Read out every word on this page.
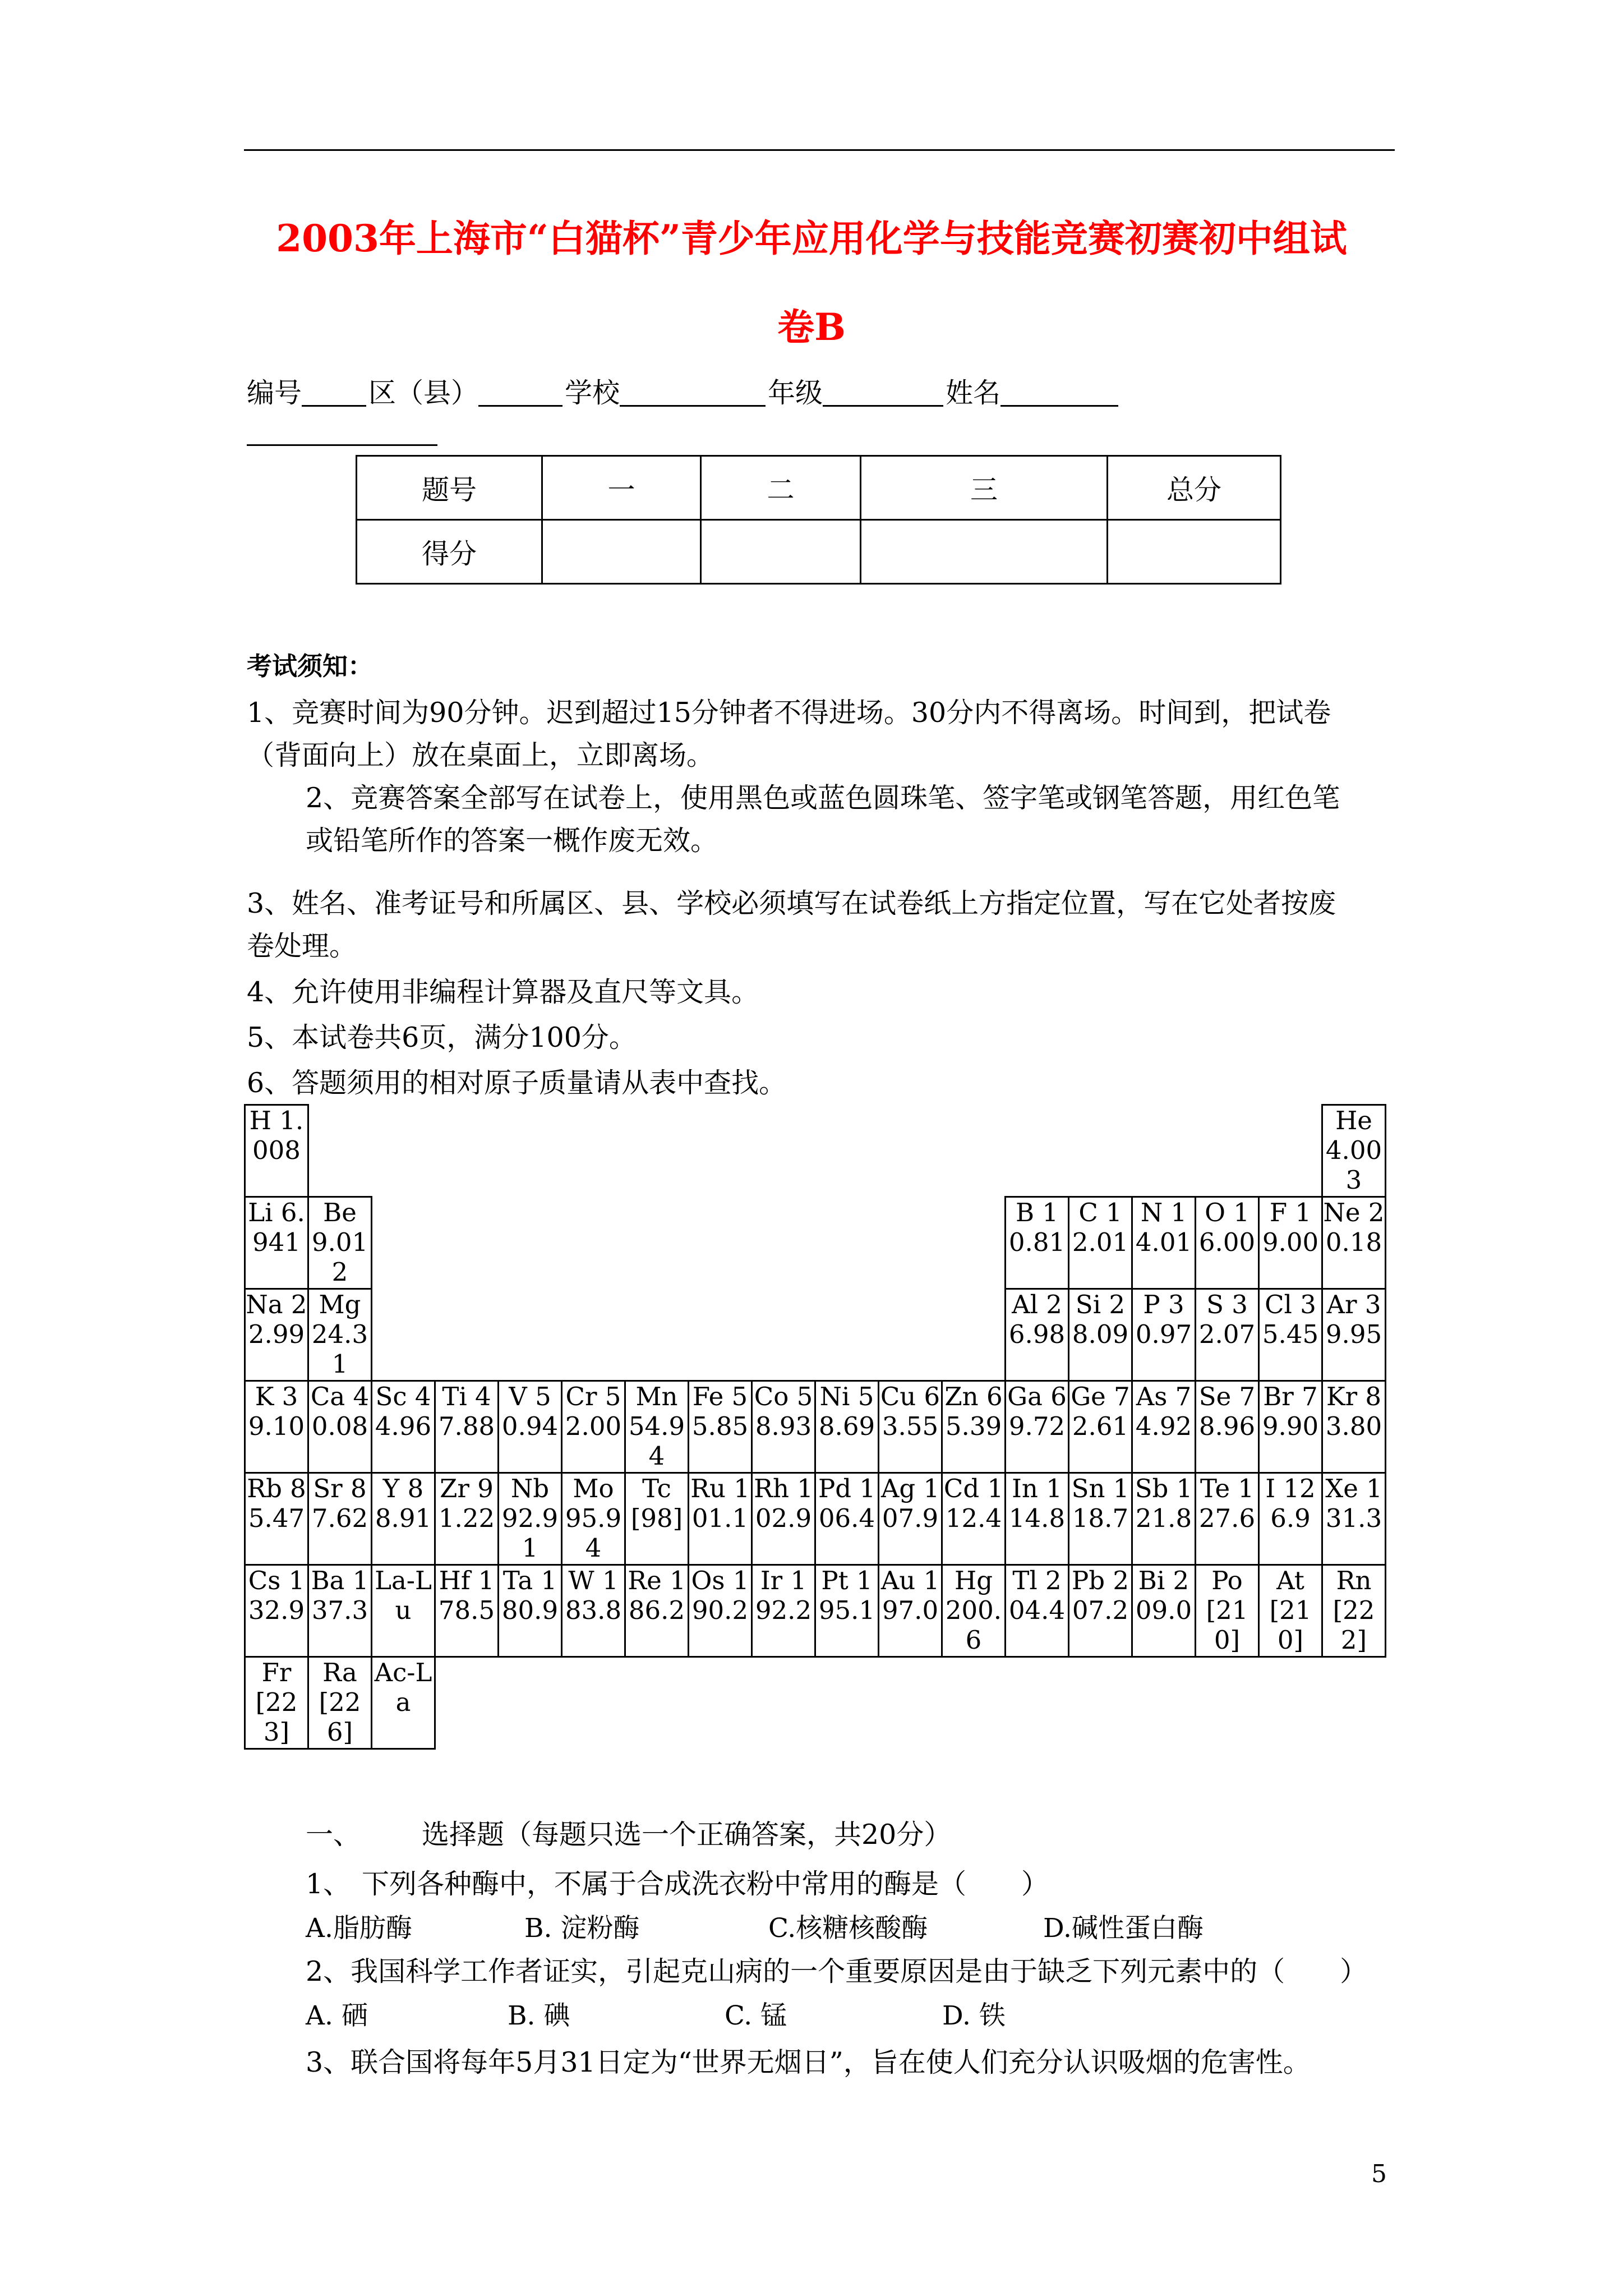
2003年上海市“白猫杯”青少年应用化学与技能竞赛初赛初中组试
卷B
编号 区（县）	学校	年级	姓名
题号	一	二	三	总分
得分				
考试须知：
1、竞赛时间为90分钟。迟到超过15分钟者不得进场。30分内不得离场。时间到，把试卷
（背面向上）放在桌面上，立即离场。
2、竞赛答案全部写在试卷上，使用黑色或蓝色圆珠笔、签字笔或钢笔答题，用红色笔
或铅笔所作的答案一概作废无效。
3、姓名、准考证号和所属区、县、学校必须填写在试卷纸上方指定位置，写在它处者按废
卷处理。
4、允许使用非编程计算器及直尺等文具。
5、本试卷共6页，满分100分。
6、答题须用的相对原子质量请从表中查找。
H 1.008																	He 4.003

Li 6.941	Be 9.012											B 10.81	C 12.01	N 14.01	O 16.00	F 19.00	Ne 20.18

Na 22.99	Mg 24.31											Al 26.98	Si 28.09	P 30.97	S 32.07	Cl 35.45	Ar 39.95

K 39.10	Ca 40.08	Sc 44.96	Ti 47.88	V 50.94	Cr 52.00	Mn 54.94	Fe 55.85	Co 58.93	Ni 58.69	Cu 63.55	Zn 65.39	Ga 69.72	Ge 72.61	As 74.92	Se 78.96	Br 79.90	Kr 83.80

Rb 85.47	Sr 87.62	Y 88.91	Zr 91.22	Nb 92.91	Mo 95.94	Tc [98]	Ru 101.1	Rh 102.9	Pd 106.4	Ag 107.9	Cd 112.4	In 114.8	Sn 118.7	Sb 121.8	Te 127.6	I 126.9	Xe 131.3

Cs 132.9	Ba 137.3	La-Lu	Hf 178.5	Ta 180.9	W 183.8	Re 186.2	Os 190.2	Ir 192.2	Pt 195.1	Au 197.0	Hg 200.6	Tl 204.4	Pb 207.2	Bi 209.0	Po [210]	At [210]	Rn [222]

Fr [223]	Ra [226]	Ac-La															

一、 选择题（每题只选一个正确答案，共20分）
1、 下列各种酶中，不属于合成洗衣粉中常用的酶是（　　）
A.脂肪酶	B. 淀粉酶	C.核糖核酸酶	D.碱性蛋白酶
2、我国科学工作者证实，引起克山病的一个重要原因是由于缺乏下列元素中的（　　）
A. 硒	B. 碘	C. 锰	D. 铁
3、联合国将每年5月31日定为“世界无烟日”，旨在使人们充分认识吸烟的危害性。
5
